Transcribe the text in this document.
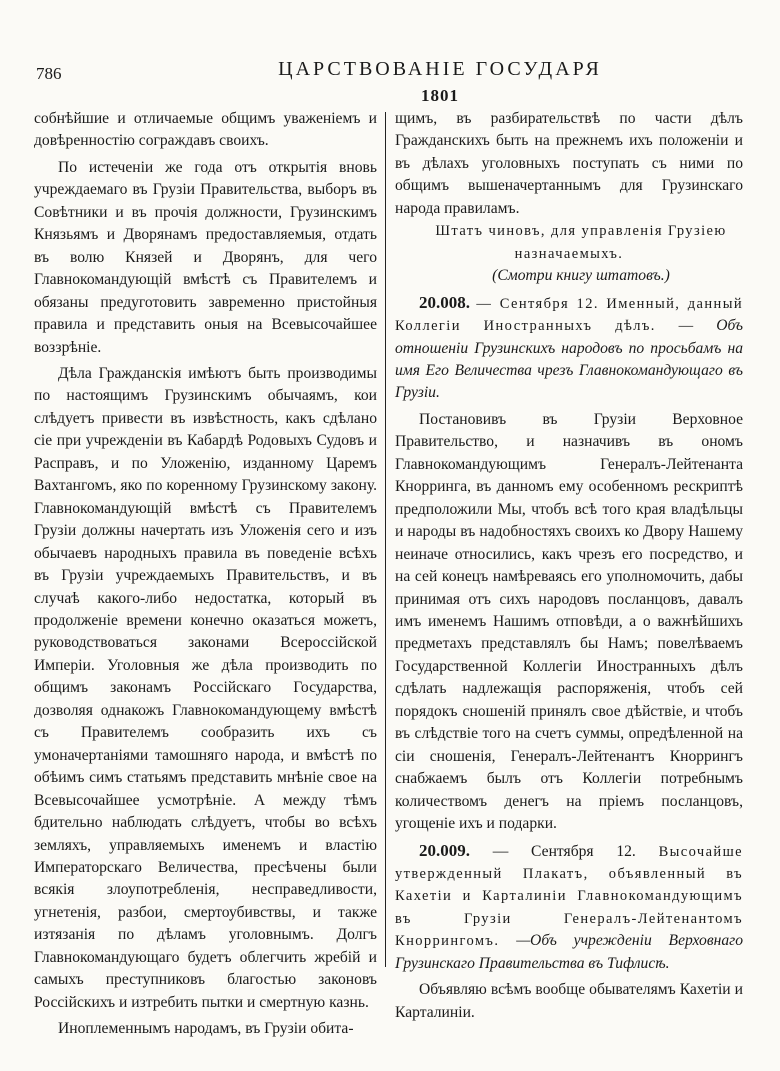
786	ЦАРСТВОВАНІЕ ГОСУДАРЯ
1801

собнѣйшие и отличаемые общимъ уваженіемъ и довѣренностію сограждавъ своихъ.

По истеченіи же года отъ открытія вновь учреждаемаго въ Грузіи Правительства, выборъ въ Совѣтники и въ прочія должности, Грузинскимъ Князьямъ и Дворянамъ предоставляемыя, отдать въ волю Князей и Дворянъ, для чего Главнокомандующій вмѣстѣ съ Правителемъ и обязаны предуготовить заврeменно пристойныя правила и представить оныя на Всевысочайшее воззрѣніе.

Дѣла Гражданскія имѣютъ быть производимы по настоящимъ Грузинскимъ обычаямъ, кои слѣдуетъ привести въ извѣстность, какъ сдѣлано сіе при учрежденіи въ Кабардѣ Родовыхъ Судовъ и Расправъ, и по Уложенію, изданному Царемъ Вахтангомъ, яко по коренному Грузинскому закону. Главнокомандующій вмѣстѣ съ Правителемъ Грузіи должны начертать изъ Уложенія сего и изъ обычаевъ народныхъ правила въ поведеніе всѣхъ въ Грузіи учреждаемыхъ Правительствъ, и въ случаѣ какого-либо недостатка, который въ продолженіе времени конечно оказаться можетъ, руководствоваться законами Всероссійской Имперіи. Уголовныя же дѣла производить по общимъ законамъ Россійскаго Государства, дозволяя однакожъ Главнокомандующему вмѣстѣ съ Правителемъ сообразить ихъ съ умоначертаніями тамошняго народа, и вмѣстѣ по обѣимъ симъ статьямъ представить мнѣніе свое на Всевысочайшее усмотрѣніе. А между тѣмъ бдительно наблюдать слѣдуетъ, чтобы во всѣхъ земляхъ, управляемыхъ именемъ и властію Императорскаго Величества, пресѣчены были всякія злоупотребленія, несправедливости, угнетенія, разбои, смертоубивствы, и также изтязанія по дѣламъ уголовнымъ. Долгъ Главнокомандующаго будетъ облегчить жребій и самыхъ преступниковъ благостью законовъ Россійскихъ и изтребить пытки и смертную казнь.

Иноплеменнымъ народамъ, въ Грузіи обита-

щимъ, въ разбирательствѣ по части дѣлъ Гражданскихъ быть на прежнемъ ихъ положеніи и въ дѣлахъ уголовныхъ поступать съ ними по общимъ вышеначертаннымъ для Грузинскаго народа правиламъ.

Штатъ чиновъ, для управленія Грузіею назначаемыхъ.

(Смотри книгу штатовъ.)

20.008. — Сентября 12. Именный, данный Коллегіи Иностранныхъ дѣлъ. — Объ отношеніи Грузинскихъ народовъ по просьбамъ на имя Его Величества чрезъ Главнокомандующаго въ Грузіи.

Постановивъ въ Грузіи Верховное Правительство, и назначивъ въ ономъ Главнокомандующимъ Генералъ-Лейтенанта Кнорринга, въ данномъ ему особенномъ рескриптѣ предположили Мы, чтобъ всѣ того края владѣльцы и народы въ надобностяхъ своихъ ко Двору Нашему неиначе относились, какъ чрезъ его посредство, и на сей конецъ намѣреваясь его уполномочить, дабы принимая отъ сихъ народовъ посланцовъ, давалъ имъ именемъ Нашимъ отповѣди, а о важнѣйшихъ предметахъ представлялъ бы Намъ; повелѣваемъ Государственной Коллегіи Иностранныхъ дѣлъ сдѣлать надлежащія распоряженія, чтобъ сей порядокъ сношеній принялъ свое дѣйствіе, и чтобъ въ слѣдствіе того на счетъ суммы, опредѣленной на сіи сношенія, Генералъ-Лейтенантъ Кноррингъ снабжаемъ былъ отъ Коллегіи потребнымъ количествомъ денегъ на пріемъ посланцовъ, угощеніе ихъ и подарки.

20.009. — Сентября 12. Высочайше утвержденный Плакатъ, объявленный въ Кахетіи и Карталиніи Главнокомандующимъ въ Грузіи Генералъ-Лейтенантомъ Кноррингомъ. —Объ учрежденіи Верховнаго Грузинскаго Правительства въ Тифлисѣ.

Объявляю всѣмъ вообще обывателямъ Кахетіи и Карталиніи.
